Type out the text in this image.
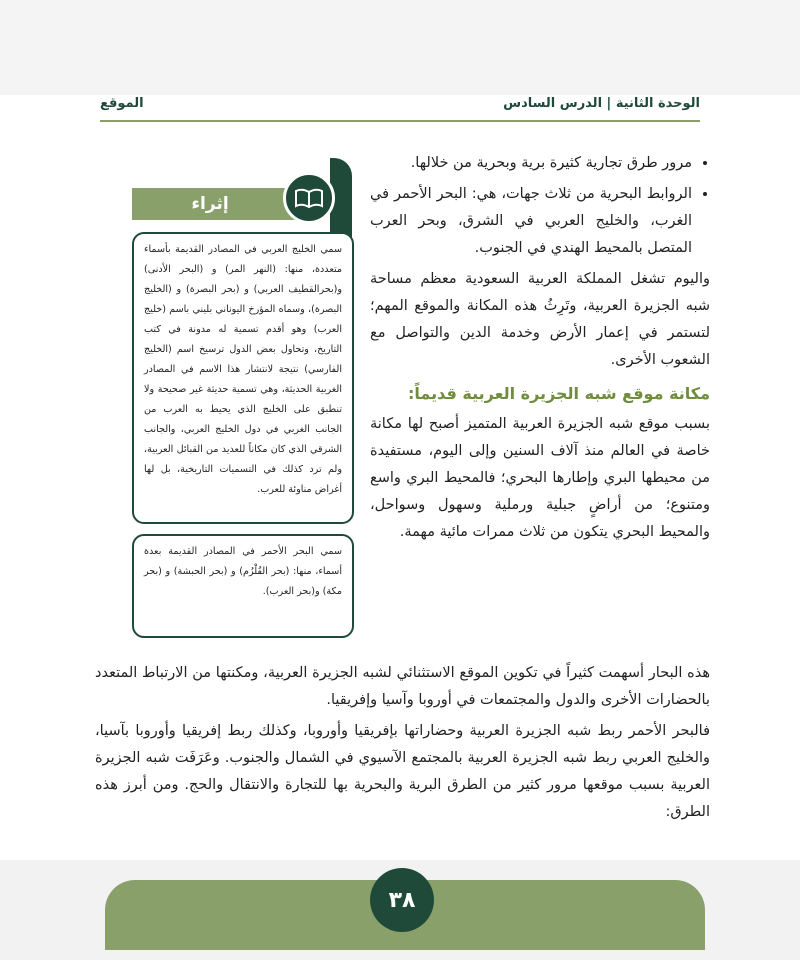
الوحدة الثانية | الدرس السادس
الموقع
• مرور طرق تجارية كثيرة برية وبحرية من خلالها.
• الروابط البحرية من ثلاث جهات، هي: البحر الأحمر في الغرب، والخليج العربي في الشرق، وبحر العرب المتصل بالمحيط الهندي في الجنوب.

واليوم تشغل المملكة العربية السعودية معظم مساحة شبه الجزيرة العربية، وتَرِثُ هذه المكانة والموقع المهم؛ لتستمر في إعمار الأرض وخدمة الدين والتواصل مع الشعوب الأخرى.

مكانة موقع شبه الجزيرة العربية قديماً:

بسبب موقع شبه الجزيرة العربية المتميز أصبح لها مكانة خاصة في العالم منذ آلاف السنين وإلى اليوم، مستفيدة من محيطها البري وإطارها البحري؛ فالمحيط البري واسع ومتنوع؛ من أراضٍ جبلية ورملية وسهول وسواحل، والمحيط البحري يتكون من ثلاث ممرات مائية مهمة.

هذه البحار أسهمت كثيراً في تكوين الموقع الاستثنائي لشبه الجزيرة العربية، ومكنتها من الارتباط المتعدد بالحضارات الأخرى والدول والمجتمعات في أوروبا وآسيا وإفريقيا.

فالبحر الأحمر ربط شبه الجزيرة العربية وحضاراتها بإفريقيا وأوروبا، وكذلك ربط إفريقيا وأوروبا بآسيا، والخليج العربي ربط شبه الجزيرة العربية بالمجتمع الآسيوي في الشمال والجنوب. وعَرَفَت شبه الجزيرة العربية بسبب موقعها مرور كثير من الطرق البرية والبحرية بها للتجارة والانتقال والحج. ومن أبرز هذه الطرق:

إثراء

سمي الخليج العربي في المصادر القديمة بأسماء متعددة، منها: (النهر المر) و (البحر الأدنى) و(بحرالقطيف العربي) و (بحر البصرة) و (الخليج البصرة)، وسماه المؤرخ اليوناني بليني باسم (خليج العرب) وهو أقدم تسمية له مدونة في كتب التاريخ، وتحاول بعض الدول ترسيخ اسم (الخليج الفارسي) نتيجة لانتشار هذا الاسم في المصادر الغربية الحديثة، وهي تسمية حديثة غير صحيحة ولا تنطبق على الخليج الذي يحيط به العرب من الجانب الغربي في دول الخليج العربي، والجانب الشرقي الذي كان مكاناً للعديد من القبائل العربية، ولم ترد كذلك في التسميات التاريخية، بل لها أغراض مناوئة للعرب.

سمي البحر الأحمر في المصادر القديمة بعدة أسماء، منها: (بحر القُلْزُم) و (بحر الحبشة) و (بحر مكة) و(بحر العرب).

٣٨
